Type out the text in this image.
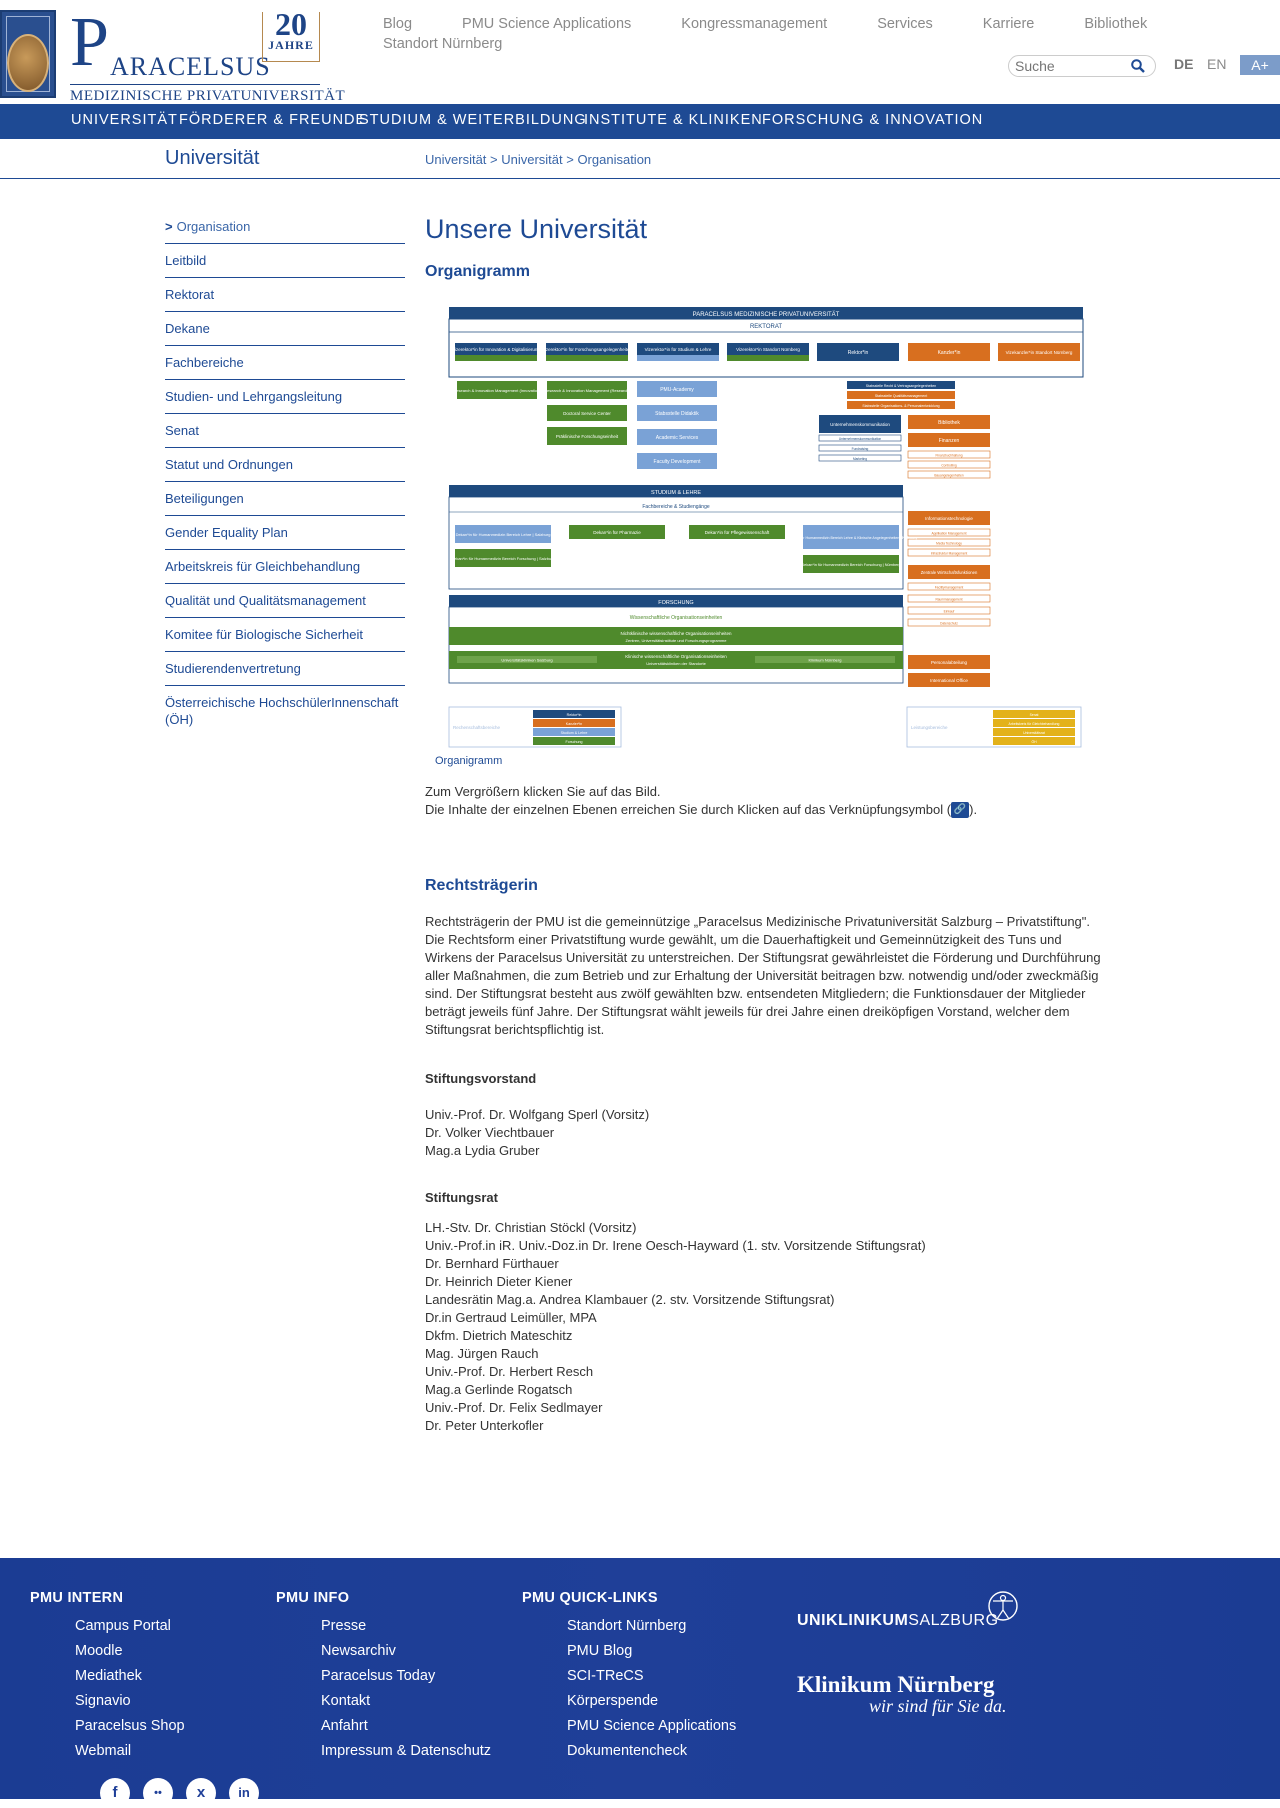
P ARACELSUS
MEDIZINISCHE PRIVATUNIVERSITÄT
20
JAHRE
Blog	PMU Science Applications	Kongressmanagement	Services	Karriere	Bibliothek
Standort Nürnberg
Suche
DE EN	A+
UNIVERSITÄT FÖRDERER & FREUNDE
STUDIUM & WEITERBILDUNG
INSTITUTE & KLINIKEN FORSCHUNG & INNOVATION
Universität	Universität > Universität > Organisation
> Organisation
Leitbild
Rektorat
Dekane
Fachbereiche
Studien- und Lehrgangsleitung
Senat
Statut und Ordnungen
Beteiligungen
Gender Equality Plan
Arbeitskreis für Gleichbehandlung
Qualität und Qualitätsmanagement
Komitee für Biologische Sicherheit
Studierendenvertretung
Österreichische HochschülerInnenschaft (ÖH)
Unsere Universität
Organigramm
PARACELSUS MEDIZINISCHE PRIVATUNIVERSITÄT
REKTORAT
Vizerektor*in für Innovation & Digitalisierung Vizerektor*in für Forschungsangelegenheiten	Vizerektor*in für Studium & Lehre	Vizerektor*in Standort Nürnberg
Rektor*in	Kanzler*in	Vizekanzler*in Standort Nürnberg
Research & Innovation Management (Innovation) Research & Innovation Management (Research)
Doctoral Service Center
Präklinische Forschungseinheit
PMU-Academy
Stabsstelle Didaktik
Academic Services
Faculty Development
Stabsstelle Recht & Vertragsangelegenheiten
Stabsstelle Qualitätsmanagement
Stabsstelle Organisations- & Personalentwicklung
Unternehmenskommunikation
Unternehmenskommunikation
Fundraising
Marketing
Bibliothek
Finanzen
Informationstechnologie
Zentrale Wirtschaftsfunktionen
Personalabteilung
International Office
Finanzbuchhaltung
Controlling
Bauangelegenheiten
Applikation Management
Media Technology
Infrastruktur Management
Facilitymanagement
Raummanagement
Einkauf
Datenschutz
STUDIUM & LEHRE
Fachbereiche & Studiengänge
Dekan*in für Humanmedizin Bereich Lehre | Salzburg
Dekan*in für Humanmedizin Bereich Forschung | Salzburg
Dekan*in für Pharmazie	Dekan*in für Pflegewissenschaft
Dekan*in für Humanmedizin Bereich Lehre & Klinische Angelegenheiten | Nürnberg
Dekan*in für Humanmedizin Bereich Forschung | Nürnberg
FORSCHUNG
Wissenschaftliche Organisationseinheiten
Nichtklinische wissenschaftliche Organisationseinheiten
Zentren, Universitätsinstitute und Forschungsprogramme
Klinische wissenschaftliche Organisationseinheiten
Universitätskliniken der Standorte
Universitätskliniken Salzburg	Klinikum Nürnberg
Rechenschaftsbereiche
Rektor*in
Kanzler*in
Studium & Lehre
Forschung
Leistungsbereiche
Senat
Arbeitskreis für Gleichbehandlung
Universitätsrat
ÖH
Organigramm
Zum Vergrößern klicken Sie auf das Bild.
Die Inhalte der einzelnen Ebenen erreichen Sie durch Klicken auf das Verknüpfungsymbol ( 🔗 ).
Rechtsträgerin

Rechtsträgerin der PMU ist die gemeinnützige „Paracelsus Medizinische Privatuniversität Salzburg – Privatstiftung". Die Rechtsform einer Privatstiftung wurde gewählt, um die Dauerhaftigkeit und Gemeinnützigkeit des Tuns und Wirkens der Paracelsus Universität zu unterstreichen. Der Stiftungsrat gewährleistet die Förderung und Durchführung aller Maßnahmen, die zum Betrieb und zur Erhaltung der Universität beitragen bzw. notwendig und/oder zweckmäßig sind. Der Stiftungsrat besteht aus zwölf gewählten bzw. entsendeten Mitgliedern; die Funktionsdauer der Mitglieder beträgt jeweils fünf Jahre. Der Stiftungsrat wählt jeweils für drei Jahre einen dreiköpfigen Vorstand, welcher dem Stiftungsrat berichtspflichtig ist.

Stiftungsvorstand
Univ.-Prof. Dr. Wolfgang Sperl (Vorsitz)
Dr. Volker Viechtbauer
Mag.a Lydia Gruber
Stiftungsrat
LH.-Stv. Dr. Christian Stöckl (Vorsitz)
Univ.-Prof.in iR. Univ.-Doz.in Dr. Irene Oesch-Hayward (1. stv. Vorsitzende Stiftungsrat)
Dr. Bernhard Fürthauer
Dr. Heinrich Dieter Kiener
Landesrätin Mag.a. Andrea Klambauer (2. stv. Vorsitzende Stiftungsrat)
Dr.in Gertraud Leimüller, MPA
Dkfm. Dietrich Mateschitz
Mag. Jürgen Rauch
Univ.-Prof. Dr. Herbert Resch
Mag.a Gerlinde Rogatsch
Univ.-Prof. Dr. Felix Sedlmayer
Dr. Peter Unterkofler
PMU INTERN
Campus Portal
Moodle
Mediathek
Signavio
Paracelsus Shop
Webmail
PMU INFO
Presse
Newsarchiv
Paracelsus Today
Kontakt
Anfahrt
Impressum & Datenschutz
PMU QUICK-LINKS
Standort Nürnberg
PMU Blog
SCI-TReCS
Körperspende
PMU Science Applications
Dokumentencheck
UNIKLINIKUMSALZBURG
Klinikum Nürnberg
wir sind für Sie da.
f	••	x	in
